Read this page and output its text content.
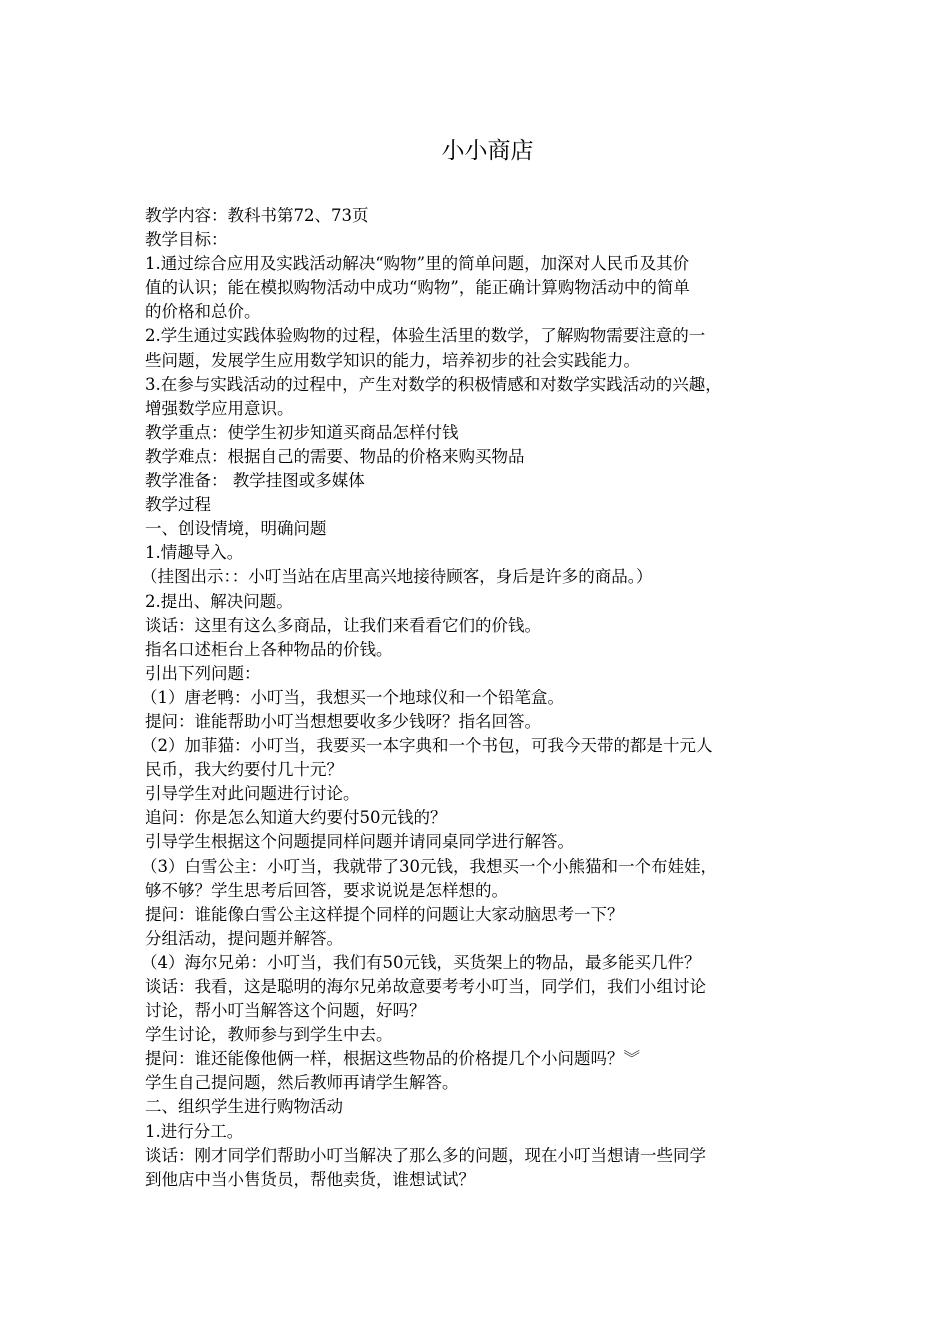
小小商店

教学内容：教科书第72、73页

教学目标：

1.通过综合应用及实践活动解决“购物”里的简单问题，加深对人民币及其价

值的认识；能在模拟购物活动中成功“购物”，能正确计算购物活动中的简单

的价格和总价。

2.学生通过实践体验购物的过程，体验生活里的数学，了解购物需要注意的一

些问题，发展学生应用数学知识的能力，培养初步的社会实践能力。

3.在参与实践活动的过程中，产生对数学的积极情感和对数学实践活动的兴趣，

增强数学应用意识。

教学重点：使学生初步知道买商品怎样付钱

教学难点：根据自己的需要、物品的价格来购买物品

教学准备： 教学挂图或多媒体

教学过程

一、创设情境，明确问题

1.情趣导入。

（挂图出示：：小叮当站在店里高兴地接待顾客，身后是许多的商品。）

2.提出、解决问题。

谈话：这里有这么多商品，让我们来看看它们的价钱。

指名口述柜台上各种物品的价钱。

引出下列问题：

（1）唐老鸭：小叮当，我想买一个地球仪和一个铅笔盒。

提问：谁能帮助小叮当想想要收多少钱呀？指名回答。

（2）加菲猫：小叮当，我要买一本字典和一个书包，可我今天带的都是十元人

民币，我大约要付几十元？

引导学生对此问题进行讨论。

追问：你是怎么知道大约要付50元钱的？

引导学生根据这个问题提同样问题并请同桌同学进行解答。

（3）白雪公主：小叮当，我就带了30元钱，我想买一个小熊猫和一个布娃娃，

够不够？学生思考后回答，要求说说是怎样想的。

提问：谁能像白雪公主这样提个同样的问题让大家动脑思考一下？

分组活动，提问题并解答。

（4）海尔兄弟：小叮当，我们有50元钱，买货架上的物品，最多能买几件？

谈话：我看，这是聪明的海尔兄弟故意要考考小叮当，同学们，我们小组讨论

讨论，帮小叮当解答这个问题，好吗？

学生讨论，教师参与到学生中去。

提问：谁还能像他俩一样，根据这些物品的价格提几个小问题吗？︾

学生自己提问题，然后教师再请学生解答。

二、组织学生进行购物活动

1.进行分工。

谈话：刚才同学们帮助小叮当解决了那么多的问题，现在小叮当想请一些同学

到他店中当小售货员，帮他卖货，谁想试试？
